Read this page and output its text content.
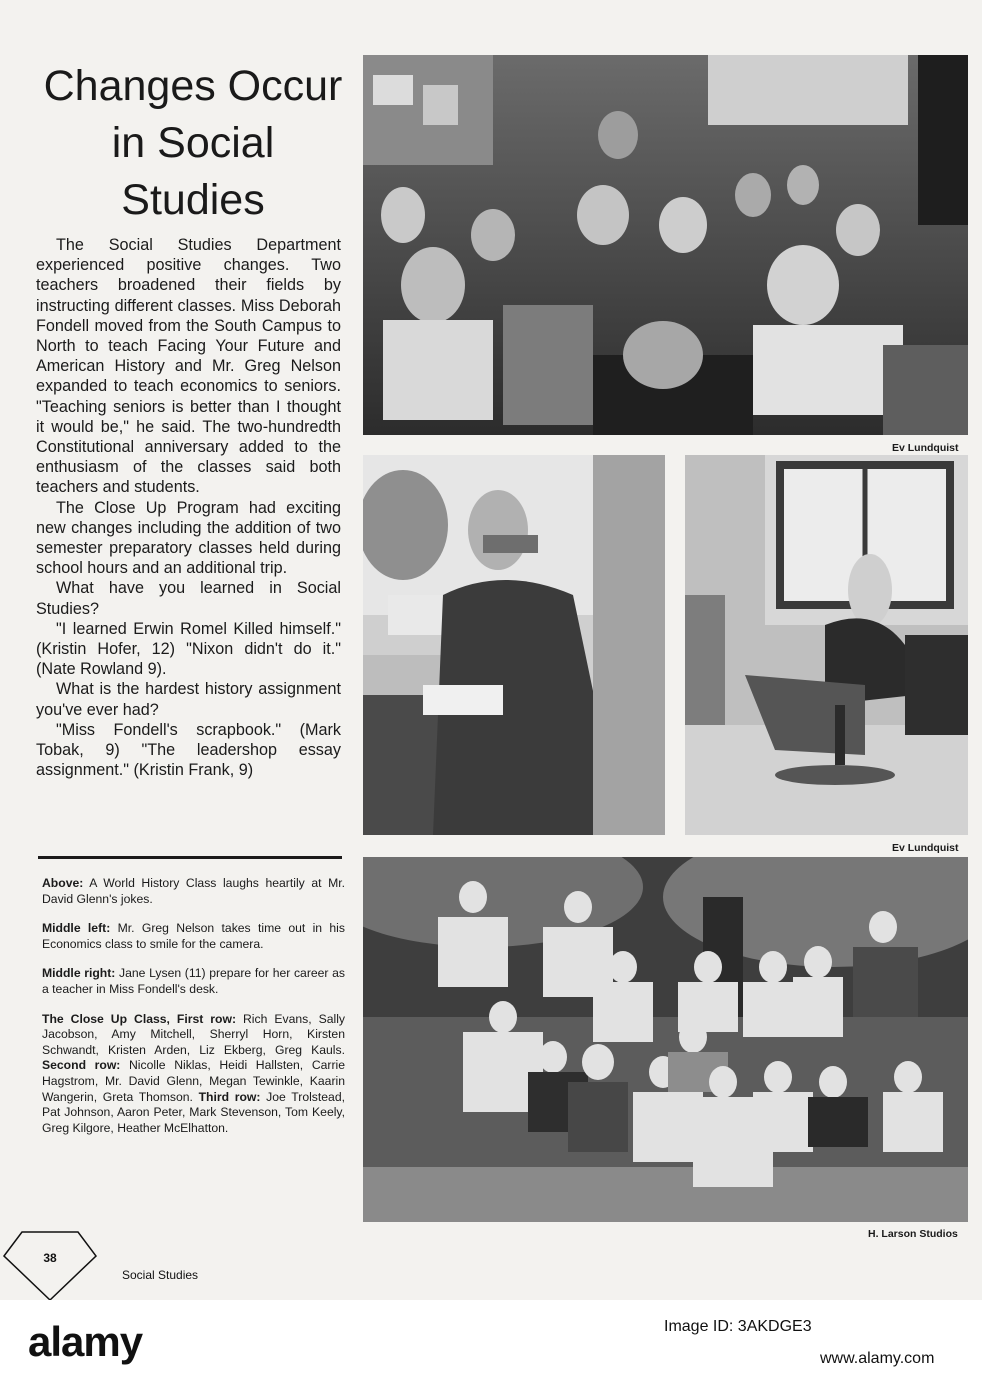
Changes Occur
in Social
Studies

The Social Studies Department experienced positive changes. Two teachers broadened their fields by instructing different classes. Miss Deborah Fondell moved from the South Campus to North to teach Facing Your Future and American History and Mr. Greg Nelson expanded to teach economics to seniors. "Teaching seniors is better than I thought it would be," he said. The two-hundredth Constitutional anniversary added to the enthusiasm of the classes said both teachers and students.

The Close Up Program had exciting new changes including the addition of two semester preparatory classes held during school hours and an additional trip.

What have you learned in Social Studies?

"I learned Erwin Romel Killed himself." (Kristin Hofer, 12) "Nixon didn't do it." (Nate Rowland 9).

What is the hardest history assignment you've ever had?

"Miss Fondell's scrapbook." (Mark Tobak, 9) "The leadershop essay assignment." (Kristin Frank, 9)

Above: A World History Class laughs heartily at Mr. David Glenn's jokes.

Middle left: Mr. Greg Nelson takes time out in his Economics class to smile for the camera.

Middle right: Jane Lysen (11) prepare for her career as a teacher in Miss Fondell's desk.

The Close Up Class, First row: Rich Evans, Sally Jacobson, Amy Mitchell, Sherryl Horn, Kirsten Schwandt, Kristen Arden, Liz Ekberg, Greg Kauls. Second row: Nicolle Niklas, Heidi Hallsten, Carrie Hagstrom, Mr. David Glenn, Megan Tewinkle, Kaarin Wangerin, Greta Thomson. Third row: Joe Trolstead, Pat Johnson, Aaron Peter, Mark Stevenson, Tom Keely, Greg Kilgore, Heather McElhatton.

Ev Lundquist
Ev Lundquist
H. Larson Studios
38
Social Studies
alamy	Image ID: 3AKDGE3
www.alamy.com
